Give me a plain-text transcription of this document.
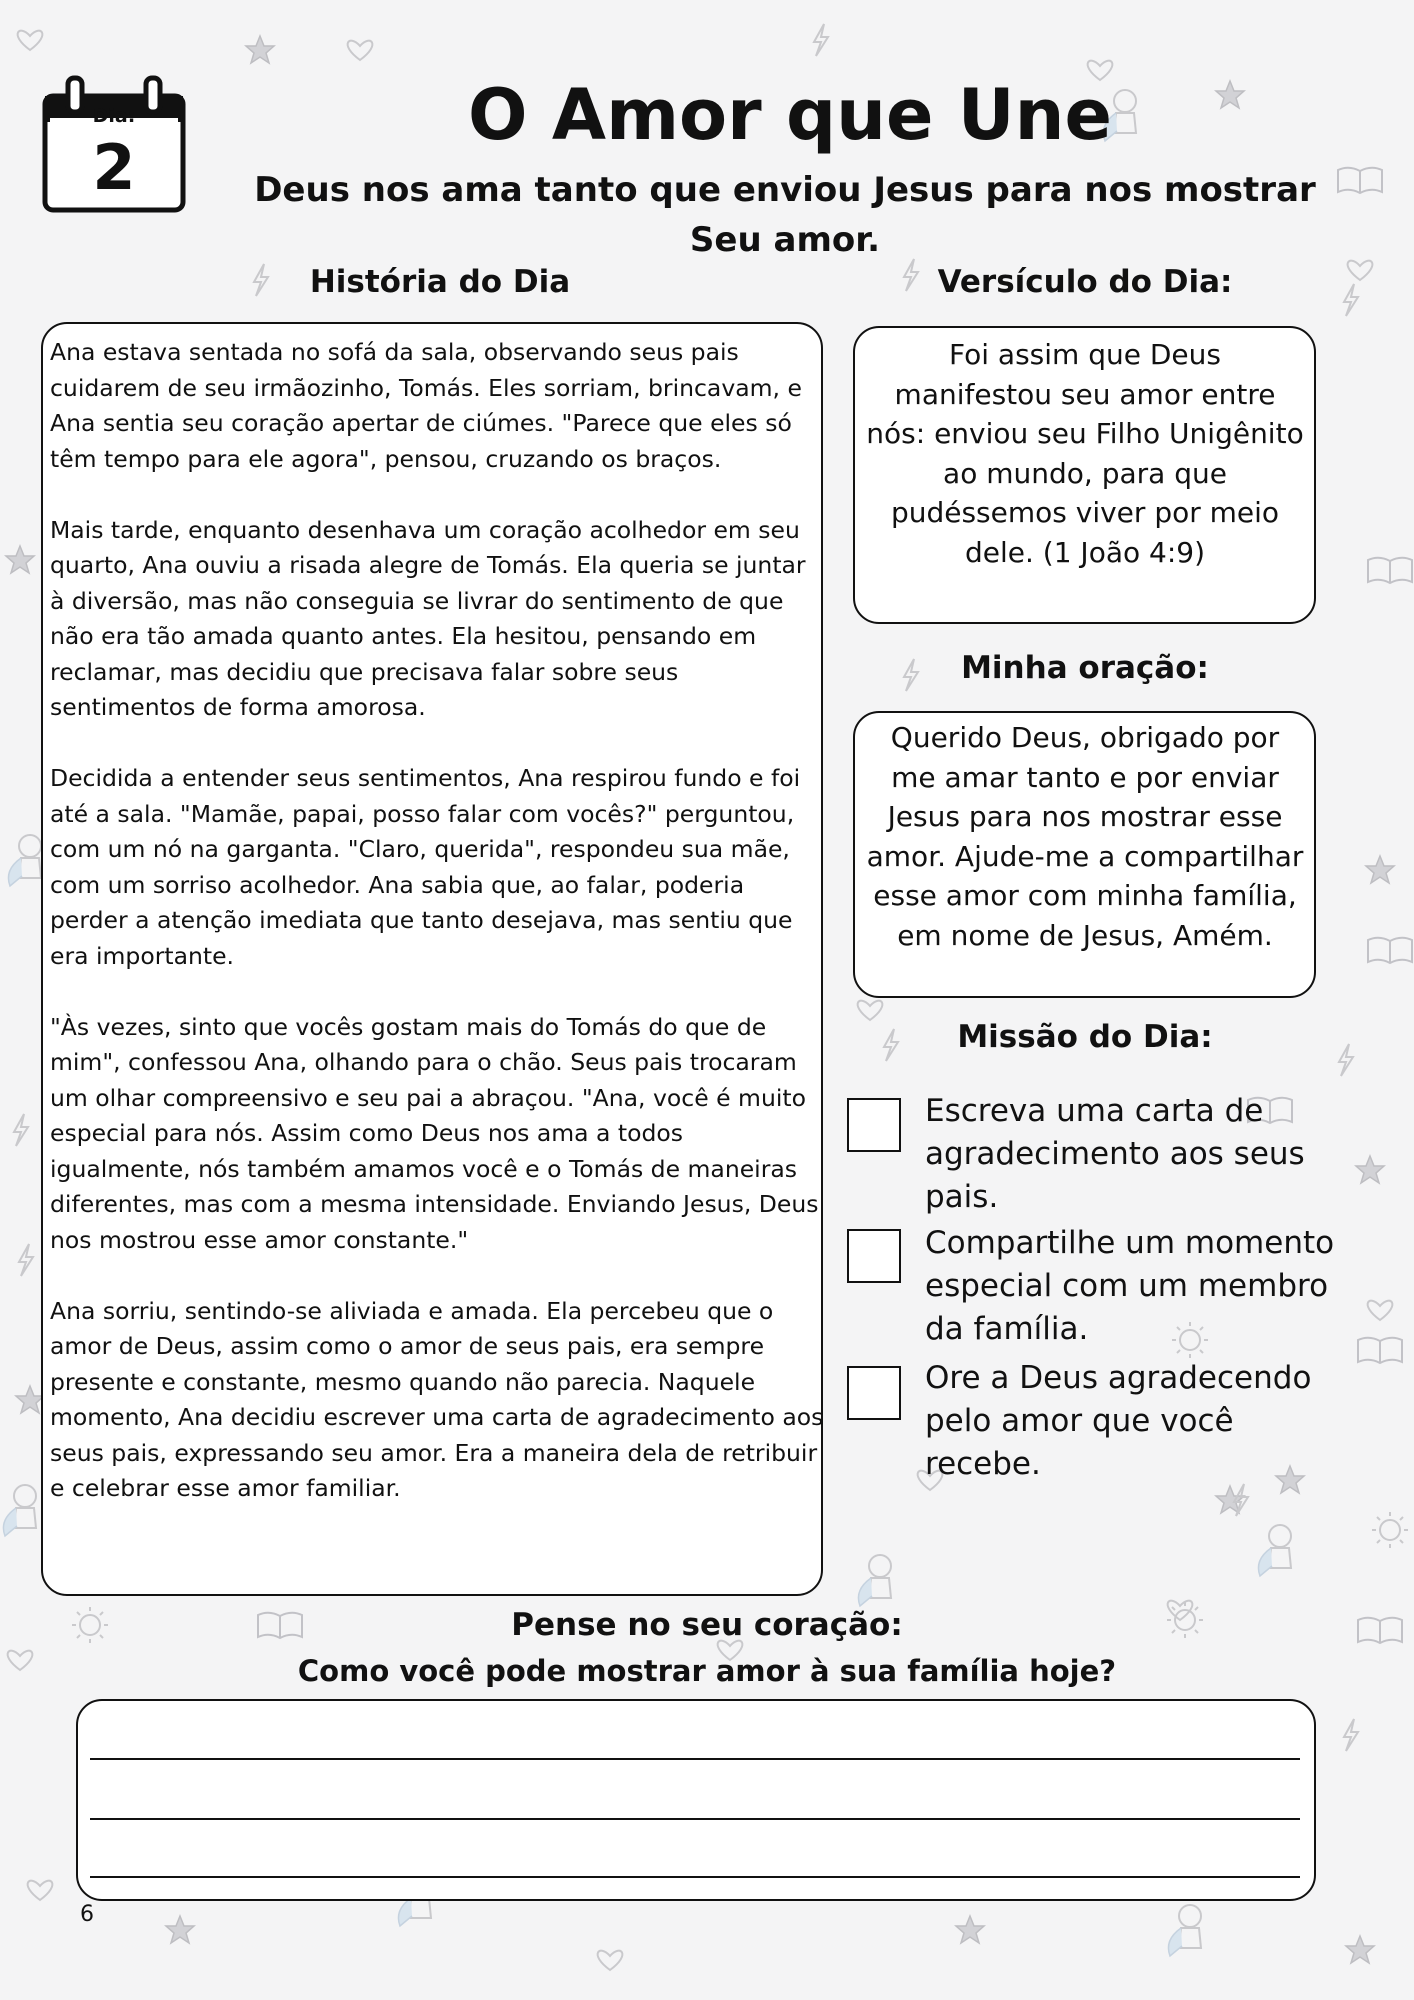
Dia:
2
O Amor que Une
Deus nos ama tanto que enviou Jesus para nos mostrar Seu amor.
História do Dia

Ana estava sentada no sofá da sala, observando seus pais cuidarem de seu irmãozinho, Tomás. Eles sorriam, brincavam, e Ana sentia seu coração apertar de ciúmes. "Parece que eles só têm tempo para ele agora", pensou, cruzando os braços.

Mais tarde, enquanto desenhava um coração acolhedor em seu quarto, Ana ouviu a risada alegre de Tomás. Ela queria se juntar à diversão, mas não conseguia se livrar do sentimento de que não era tão amada quanto antes. Ela hesitou, pensando em reclamar, mas decidiu que precisava falar sobre seus sentimentos de forma amorosa.

Decidida a entender seus sentimentos, Ana respirou fundo e foi até a sala. "Mamãe, papai, posso falar com vocês?" perguntou, com um nó na garganta. "Claro, querida", respondeu sua mãe, com um sorriso acolhedor. Ana sabia que, ao falar, poderia perder a atenção imediata que tanto desejava, mas sentiu que era importante.

"Às vezes, sinto que vocês gostam mais do Tomás do que de mim", confessou Ana, olhando para o chão. Seus pais trocaram um olhar compreensivo e seu pai a abraçou. "Ana, você é muito especial para nós. Assim como Deus nos ama a todos igualmente, nós também amamos você e o Tomás de maneiras diferentes, mas com a mesma intensidade. Enviando Jesus, Deus nos mostrou esse amor constante."

Ana sorriu, sentindo-se aliviada e amada. Ela percebeu que o amor de Deus, assim como o amor de seus pais, era sempre presente e constante, mesmo quando não parecia. Naquele momento, Ana decidiu escrever uma carta de agradecimento aos seus pais, expressando seu amor. Era a maneira dela de retribuir e celebrar esse amor familiar.

Versículo do Dia:
Foi assim que Deus manifestou seu amor entre nós: enviou seu Filho Unigênito ao mundo, para que pudéssemos viver por meio dele. (1 João 4:9)
Minha oração:
Querido Deus, obrigado por me amar tanto e por enviar Jesus para nos mostrar esse amor. Ajude-me a compartilhar esse amor com minha família, em nome de Jesus, Amém.
Missão do Dia:
Escreva uma carta de agradecimento aos seus pais.
Compartilhe um momento especial com um membro da família.
Ore a Deus agradecendo pelo amor que você recebe.
Pense no seu coração:
Como você pode mostrar amor à sua família hoje?
6
